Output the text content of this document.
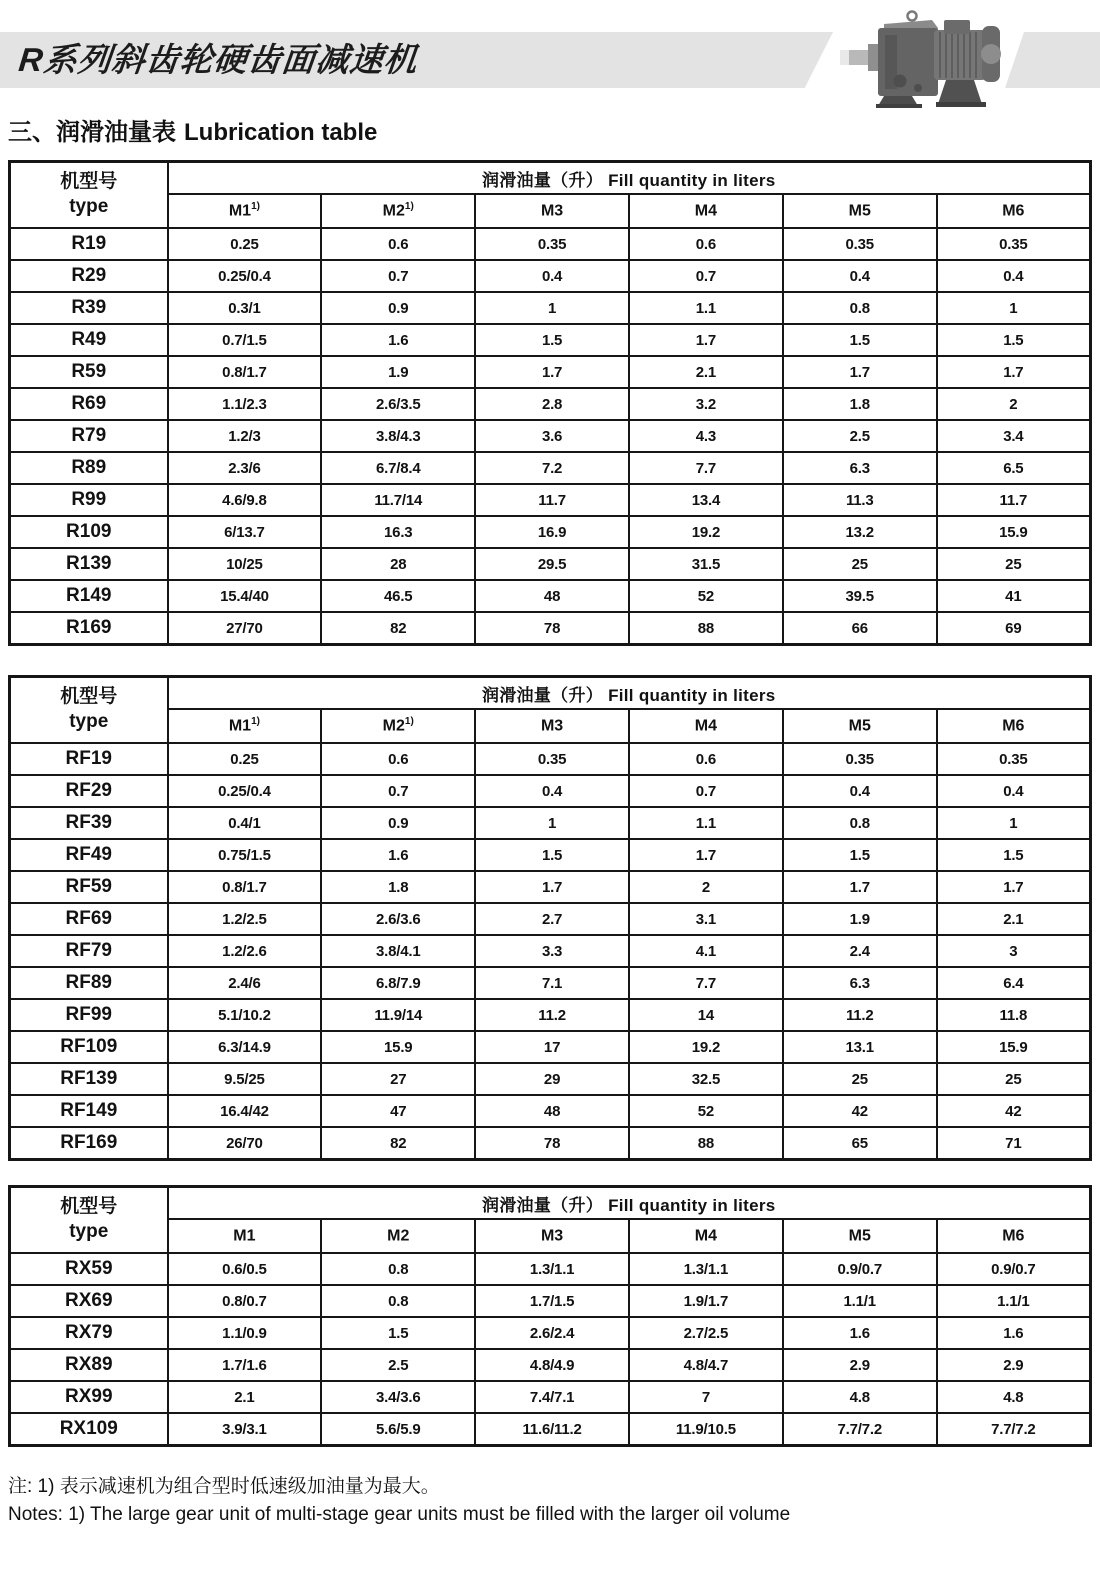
R系列斜齿轮硬齿面减速机
三、润滑油量表 Lubrication table
机型号
type	润滑油量（升） Fill quantity in liters					
	M1$^{1)}$	M2$^{1)}$	M3	M4	M5	M6
R19	0.25	0.6	0.35	0.6	0.35	0.35
R29	0.25/0.4	0.7	0.4	0.7	0.4	0.4
R39	0.3/1	0.9	1	1.1	0.8	1
R49	0.7/1.5	1.6	1.5	1.7	1.5	1.5
R59	0.8/1.7	1.9	1.7	2.1	1.7	1.7
R69	1.1/2.3	2.6/3.5	2.8	3.2	1.8	2
R79	1.2/3	3.8/4.3	3.6	4.3	2.5	3.4
R89	2.3/6	6.7/8.4	7.2	7.7	6.3	6.5
R99	4.6/9.8	11.7/14	11.7	13.4	11.3	11.7
R109	6/13.7	16.3	16.9	19.2	13.2	15.9
R139	10/25	28	29.5	31.5	25	25
R149	15.4/40	46.5	48	52	39.5	41
R169	27/70	82	78	88	66	69
机型号
type	润滑油量（升） Fill quantity in liters					
	M1$^{1)}$	M2$^{1)}$	M3	M4	M5	M6
RF19	0.25	0.6	0.35	0.6	0.35	0.35
RF29	0.25/0.4	0.7	0.4	0.7	0.4	0.4
RF39	0.4/1	0.9	1	1.1	0.8	1
RF49	0.75/1.5	1.6	1.5	1.7	1.5	1.5
RF59	0.8/1.7	1.8	1.7	2	1.7	1.7
RF69	1.2/2.5	2.6/3.6	2.7	3.1	1.9	2.1
RF79	1.2/2.6	3.8/4.1	3.3	4.1	2.4	3
RF89	2.4/6	6.8/7.9	7.1	7.7	6.3	6.4
RF99	5.1/10.2	11.9/14	11.2	14	11.2	11.8
RF109	6.3/14.9	15.9	17	19.2	13.1	15.9
RF139	9.5/25	27	29	32.5	25	25
RF149	16.4/42	47	48	52	42	42
RF169	26/70	82	78	88	65	71
机型号
type	润滑油量（升） Fill quantity in liters					
	M1	M2	M3	M4	M5	M6
RX59	0.6/0.5	0.8	1.3/1.1	1.3/1.1	0.9/0.7	0.9/0.7
RX69	0.8/0.7	0.8	1.7/1.5	1.9/1.7	1.1/1	1.1/1
RX79	1.1/0.9	1.5	2.6/2.4	2.7/2.5	1.6	1.6
RX89	1.7/1.6	2.5	4.8/4.9	4.8/4.7	2.9	2.9
RX99	2.1	3.4/3.6	7.4/7.1	7	4.8	4.8
RX109	3.9/3.1	5.6/5.9	11.6/11.2	11.9/10.5	7.7/7.2	7.7/7.2
注: 1) 表示减速机为组合型时低速级加油量为最大。
Notes: 1) The large gear unit of multi-stage gear units must be filled with the larger oil volume
